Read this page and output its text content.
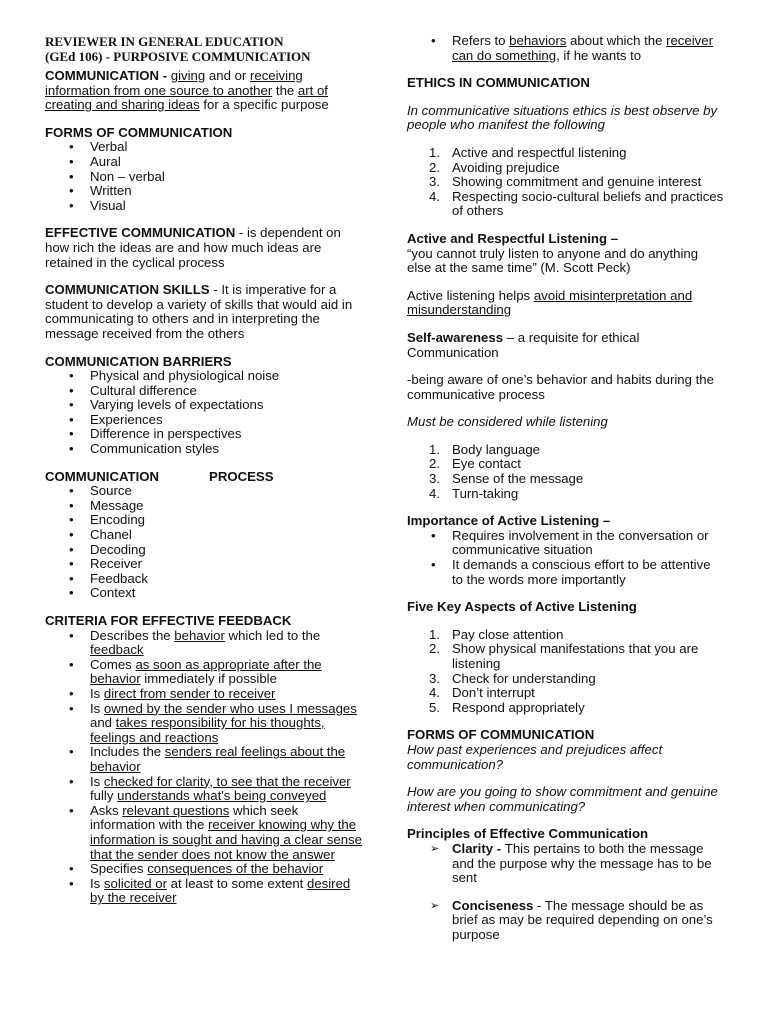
REVIEWER IN GENERAL EDUCATION

(GEd 106) - PURPOSIVE COMMUNICATION

COMMUNICATION - giving and or receiving information from one source to another the art of creating and sharing ideas for a specific purpose

FORMS OF COMMUNICATION

• Verbal
• Aural
• Non – verbal
• Written
• Visual

EFFECTIVE COMMUNICATION - is dependent on how rich the ideas are and how much ideas are retained in the cyclical process

COMMUNICATION SKILLS - It is imperative for a student to develop a variety of skills that would aid in communicating to others and in interpreting the message received from the others

COMMUNICATION BARRIERS

• Physical and physiological noise
• Cultural difference
• Varying levels of expectations
• Experiences
• Difference in perspectives
• Communication styles

COMMUNICATION	PROCESS

• Source
• Message
• Encoding
• Chanel
• Decoding
• Receiver
• Feedback
• Context

CRITERIA FOR EFFECTIVE FEEDBACK

• Describes the behavior which led to the feedback
• Comes as soon as appropriate after the behavior immediately if possible
• Is direct from sender to receiver
• Is owned by the sender who uses I messages and takes responsibility for his thoughts, feelings and reactions
• Includes the senders real feelings about the behavior
• Is checked for clarity, to see that the receiver fully understands what's being conveyed
• Asks relevant questions which seek information with the receiver knowing why the information is sought and having a clear sense that the sender does not know the answer
• Specifies consequences of the behavior
• Is solicited or at least to some extent desired by the receiver
• Refers to behaviors about which the receiver can do something, if he wants to

ETHICS IN COMMUNICATION

In communicative situations ethics is best observe by people who manifest the following

1. Active and respectful listening
2. Avoiding prejudice
3. Showing commitment and genuine interest
4. Respecting socio-cultural beliefs and practices of others

Active and Respectful Listening –

“you cannot truly listen to anyone and do anything else at the same time” (M. Scott Peck)

Active listening helps avoid misinterpretation and misunderstanding

Self-awareness – a requisite for ethical Communication

-being aware of one’s behavior and habits during the communicative process

Must be considered while listening

1. Body language
2. Eye contact
3. Sense of the message
4. Turn-taking

Importance of Active Listening –

• Requires involvement in the conversation or communicative situation
• It demands a conscious effort to be attentive to the words more importantly

Five Key Aspects of Active Listening

1. Pay close attention
2. Show physical manifestations that you are listening
3. Check for understanding
4. Don’t interrupt
5. Respond appropriately

FORMS OF COMMUNICATION

How past experiences and prejudices affect communication?

How are you going to show commitment and genuine interest when communicating?

Principles of Effective Communication

➢ Clarity - This pertains to both the message and the purpose why the message has to be sent
➢ Conciseness - The message should be as brief as may be required depending on one’s purpose
